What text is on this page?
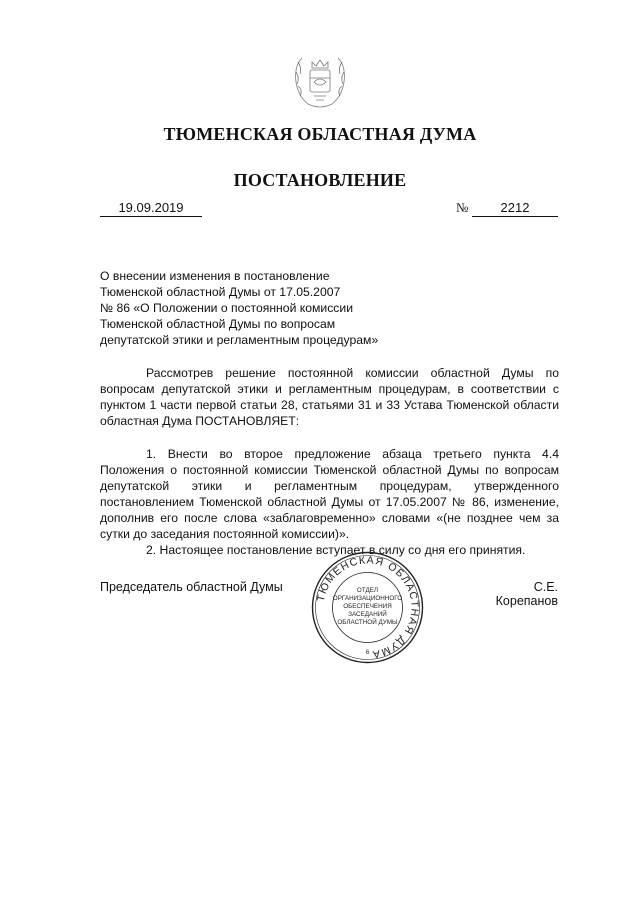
ТЮМЕНСКАЯ ОБЛАСТНАЯ ДУМА
ПОСТАНОВЛЕНИЕ
19.09.2019	№	2212
О внесении изменения в постановление
Тюменской областной Думы от 17.05.2007
№ 86 «О Положении о постоянной комиссии
Тюменской областной Думы по вопросам
депутатской этики и регламентным процедурам»

Рассмотрев решение постоянной комиссии областной Думы по вопросам депутатской этики и регламентным процедурам, в соответствии с пунктом 1 части первой статьи 28, статьями 31 и 33 Устава Тюменской области областная Дума ПОСТАНОВЛЯЕТ:

1. Внести во второе предложение абзаца третьего пункта 4.4 Положения о постоянной комиссии Тюменской областной Думы по вопросам депутатской этики и регламентным процедурам, утвержденного постановлением Тюменской областной Думы от 17.05.2007 № 86, изменение, дополнив его после слова «заблаговременно» словами «(не позднее чем за сутки до заседания постоянной комиссии)».

2. Настоящее постановление вступает в силу со дня его принятия.

Председатель областной Думы	С.Е. Корепанов
ТЮМЕНСКАЯ ОБЛАСТНАЯ ДУМА
ОТДЕЛ
ОРГАНИЗАЦИОННОГО
ОБЕСПЕЧЕНИЯ
ЗАСЕДАНИЙ
ОБЛАСТНОЙ ДУМЫ
6
